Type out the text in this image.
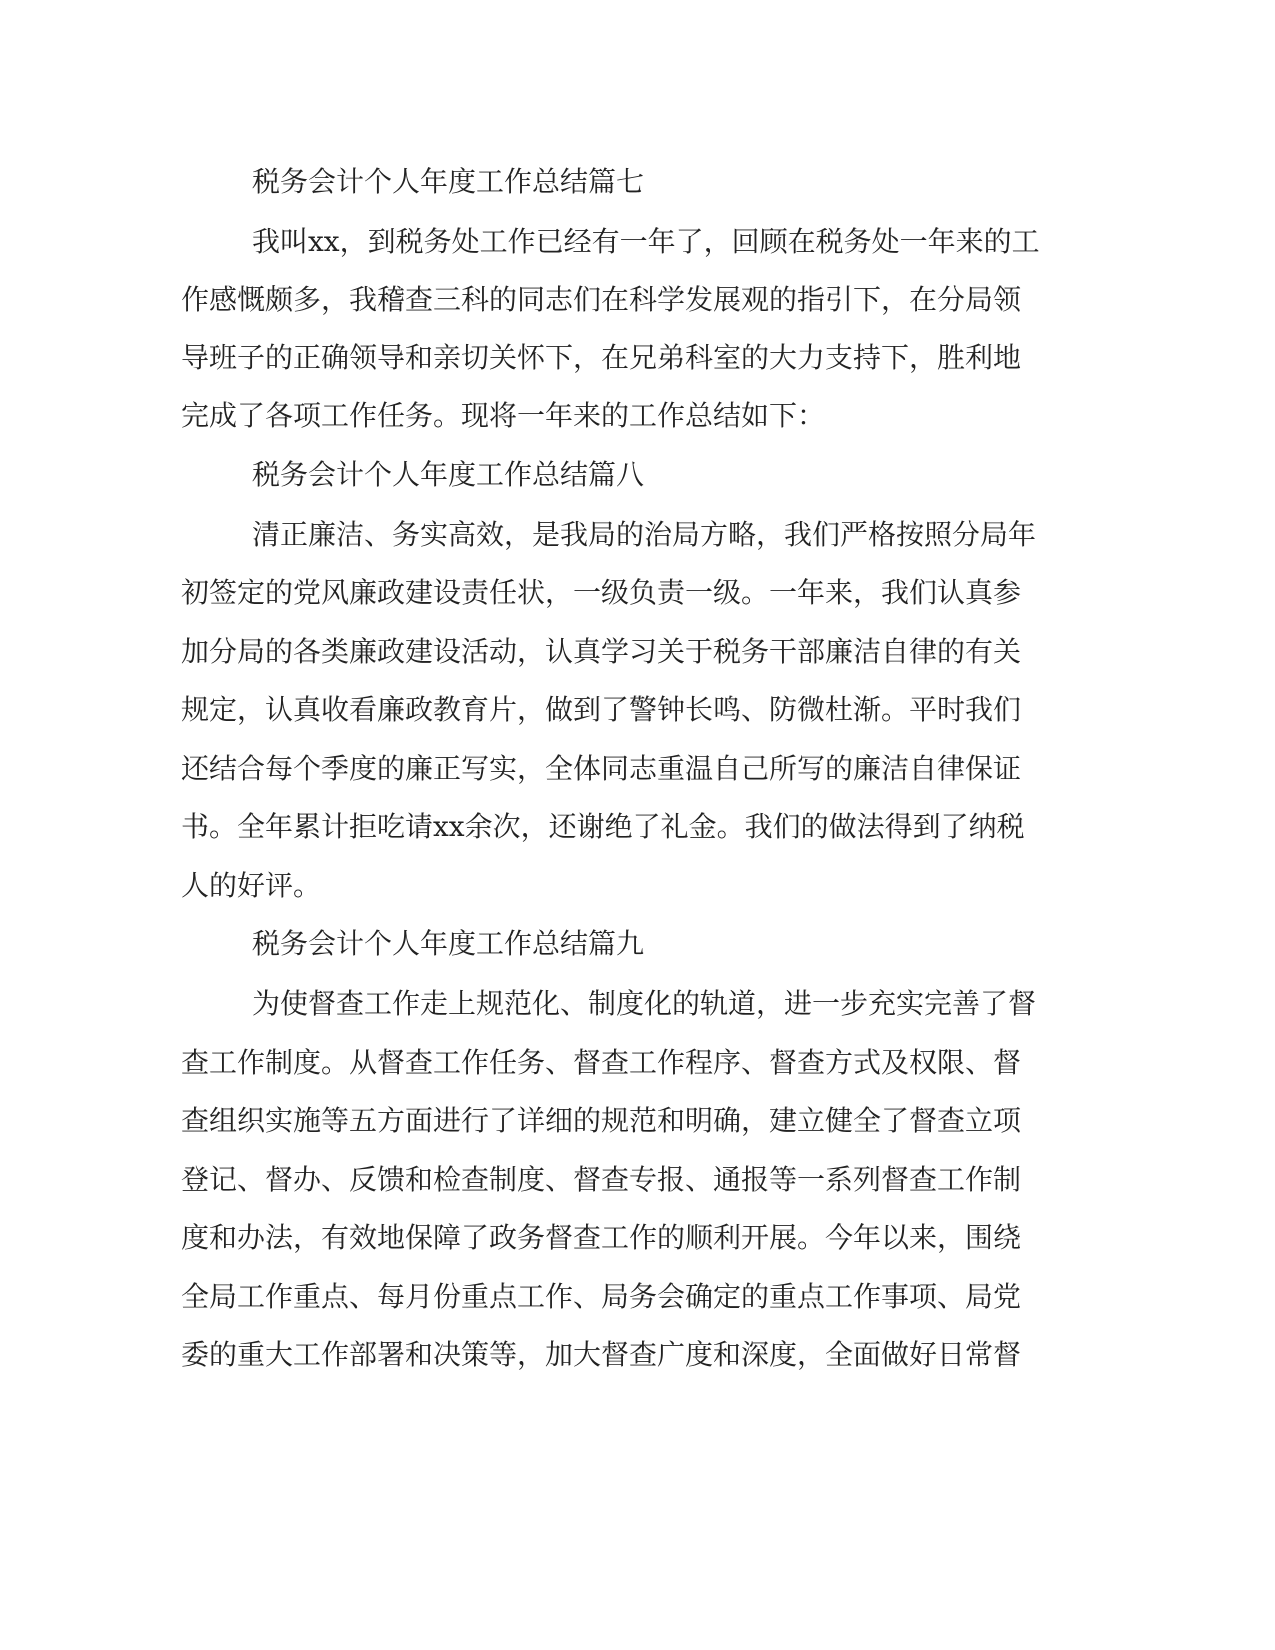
税务会计个人年度工作总结篇七
我叫xx，到税务处工作已经有一年了，回顾在税务处一年来的工
作感慨颇多，我稽查三科的同志们在科学发展观的指引下，在分局领
导班子的正确领导和亲切关怀下，在兄弟科室的大力支持下，胜利地
完成了各项工作任务。现将一年来的工作总结如下：
税务会计个人年度工作总结篇八
清正廉洁、务实高效，是我局的治局方略，我们严格按照分局年
初签定的党风廉政建设责任状，一级负责一级。一年来，我们认真参
加分局的各类廉政建设活动，认真学习关于税务干部廉洁自律的有关
规定，认真收看廉政教育片，做到了警钟长鸣、防微杜渐。平时我们
还结合每个季度的廉正写实，全体同志重温自己所写的廉洁自律保证
书。全年累计拒吃请xx余次，还谢绝了礼金。我们的做法得到了纳税
人的好评。
税务会计个人年度工作总结篇九
为使督查工作走上规范化、制度化的轨道，进一步充实完善了督
查工作制度。从督查工作任务、督查工作程序、督查方式及权限、督
查组织实施等五方面进行了详细的规范和明确，建立健全了督查立项
登记、督办、反馈和检查制度、督查专报、通报等一系列督查工作制
度和办法，有效地保障了政务督查工作的顺利开展。今年以来，围绕
全局工作重点、每月份重点工作、局务会确定的重点工作事项、局党
委的重大工作部署和决策等，加大督查广度和深度，全面做好日常督
